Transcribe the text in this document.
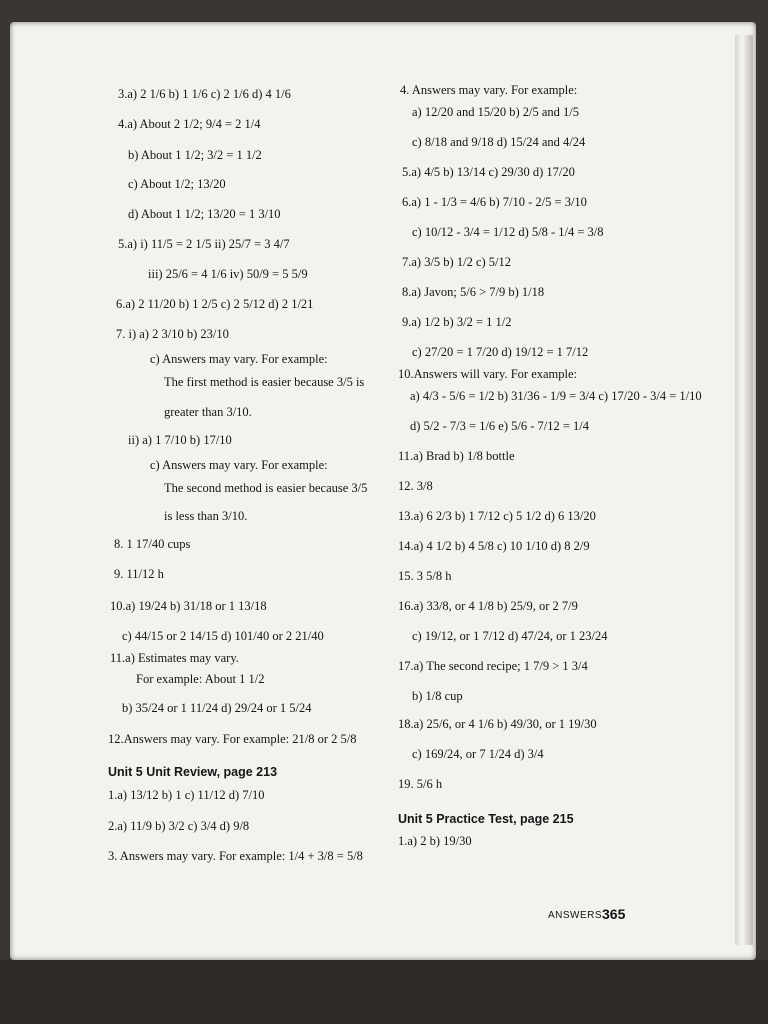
3.a) 2 1/6 b) 1 1/6 c) 2 1/6 d) 4 1/6
4.a) About 2 1/2; 9/4 = 2 1/4
b) About 1 1/2; 3/2 = 1 1/2
c) About 1/2; 13/20
d) About 1 1/2; 13/20 = 1 3/10
5.a) i) 11/5 = 2 1/5 ii) 25/7 = 3 4/7
iii) 25/6 = 4 1/6 iv) 50/9 = 5 5/9
6.a) 2 11/20 b) 1 2/5 c) 2 5/12 d) 2 1/21
7. i) a) 2 3/10 b) 23/10
c) Answers may vary. For example:
The first method is easier because 3/5 is
greater than 3/10.
ii) a) 1 7/10 b) 17/10
c) Answers may vary. For example:
The second method is easier because 3/5
is less than 3/10.
8. 1 17/40 cups
9. 11/12 h
10.a) 19/24 b) 31/18 or 1 13/18
c) 44/15 or 2 14/15 d) 101/40 or 2 21/40
11.a) Estimates may vary.
For example: About 1 1/2
b) 35/24 or 1 11/24 d) 29/24 or 1 5/24
12.Answers may vary. For example: 21/8 or 2 5/8
Unit 5 Unit Review, page 213
1.a) 13/12 b) 1 c) 11/12 d) 7/10
2.a) 11/9 b) 3/2 c) 3/4 d) 9/8
3. Answers may vary. For example: 1/4 + 3/8 = 5/8
4. Answers may vary. For example:
a) 12/20 and 15/20 b) 2/5 and 1/5
c) 8/18 and 9/18 d) 15/24 and 4/24
5.a) 4/5 b) 13/14 c) 29/30 d) 17/20
6.a) 1 - 1/3 = 4/6 b) 7/10 - 2/5 = 3/10
c) 10/12 - 3/4 = 1/12 d) 5/8 - 1/4 = 3/8
7.a) 3/5 b) 1/2 c) 5/12
8.a) Javon; 5/6 > 7/9 b) 1/18
9.a) 1/2 b) 3/2 = 1 1/2
c) 27/20 = 1 7/20 d) 19/12 = 1 7/12
10.Answers will vary. For example:
a) 4/3 - 5/6 = 1/2 b) 31/36 - 1/9 = 3/4 c) 17/20 - 3/4 = 1/10
d) 5/2 - 7/3 = 1/6 e) 5/6 - 7/12 = 1/4
11.a) Brad b) 1/8 bottle
12. 3/8
13.a) 6 2/3 b) 1 7/12 c) 5 1/2 d) 6 13/20
14.a) 4 1/2 b) 4 5/8 c) 10 1/10 d) 8 2/9
15. 3 5/8 h
16.a) 33/8, or 4 1/8 b) 25/9, or 2 7/9
c) 19/12, or 1 7/12 d) 47/24, or 1 23/24
17.a) The second recipe; 1 7/9 > 1 3/4
b) 1/8 cup
18.a) 25/6, or 4 1/6 b) 49/30, or 1 19/30
c) 169/24, or 7 1/24 d) 3/4
19. 5/6 h
Unit 5 Practice Test, page 215
1.a) 2 b) 19/30
ANSWERS 365
